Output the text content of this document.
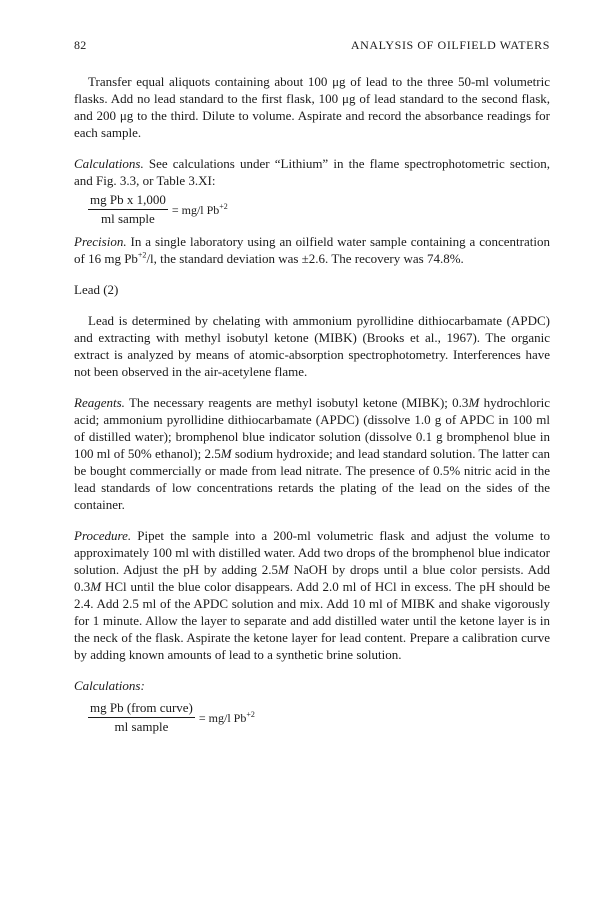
82	ANALYSIS OF OILFIELD WATERS

Transfer equal aliquots containing about 100 μg of lead to the three 50-ml volumetric flasks. Add no lead standard to the first flask, 100 μg of lead standard to the second flask, and 200 μg to the third. Dilute to volume. Aspirate and record the absorbance readings for each sample.

Calculations. See calculations under “Lithium” in the flame spectrophotometric section, and Fig. 3.3, or Table 3.XI:

$\frac{\text{mg Pb x 1,000}}{\text{ml sample}} = mg/l$ $Pb^{+2}$

Precision. In a single laboratory using an oilfield water sample containing a concentration of 16 mg $Pb^{+2}/l$, the standard deviation was ±2.6. The recovery was 74.8%.

Lead (2)

Lead is determined by chelating with ammonium pyrollidine dithiocarbamate (APDC) and extracting with methyl isobutyl ketone (MIBK) (Brooks et al., 1967). The organic extract is analyzed by means of atomic-absorption spectrophotometry. Interferences have not been observed in the air-acetylene flame.

Reagents. The necessary reagents are methyl isobutyl ketone (MIBK); 0.3M hydrochloric acid; ammonium pyrollidine dithiocarbamate (APDC) (dissolve 1.0 g of APDC in 100 ml of distilled water); bromphenol blue indicator solution (dissolve 0.1 g bromphenol blue in 100 ml of 50% ethanol); 2.5M sodium hydroxide; and lead standard solution. The latter can be bought commercially or made from lead nitrate. The presence of 0.5% nitric acid in the lead standards of low concentrations retards the plating of the lead on the sides of the container.

Procedure. Pipet the sample into a 200-ml volumetric flask and adjust the volume to approximately 100 ml with distilled water. Add two drops of the bromphenol blue indicator solution. Adjust the pH by adding 2.5M NaOH by drops until a blue color persists. Add 0.3M HCl until the blue color disappears. Add 2.0 ml of HCl in excess. The pH should be 2.4. Add 2.5 ml of the APDC solution and mix. Add 10 ml of MIBK and shake vigorously for 1 minute. Allow the layer to separate and add distilled water until the ketone layer is in the neck of the flask. Aspirate the ketone layer for lead content. Prepare a calibration curve by adding known amounts of lead to a synthetic brine solution.

Calculations:

$\frac{\text{mg Pb (from curve)}}{\text{ml sample}} = mg/l$ $Pb^{+2}$
